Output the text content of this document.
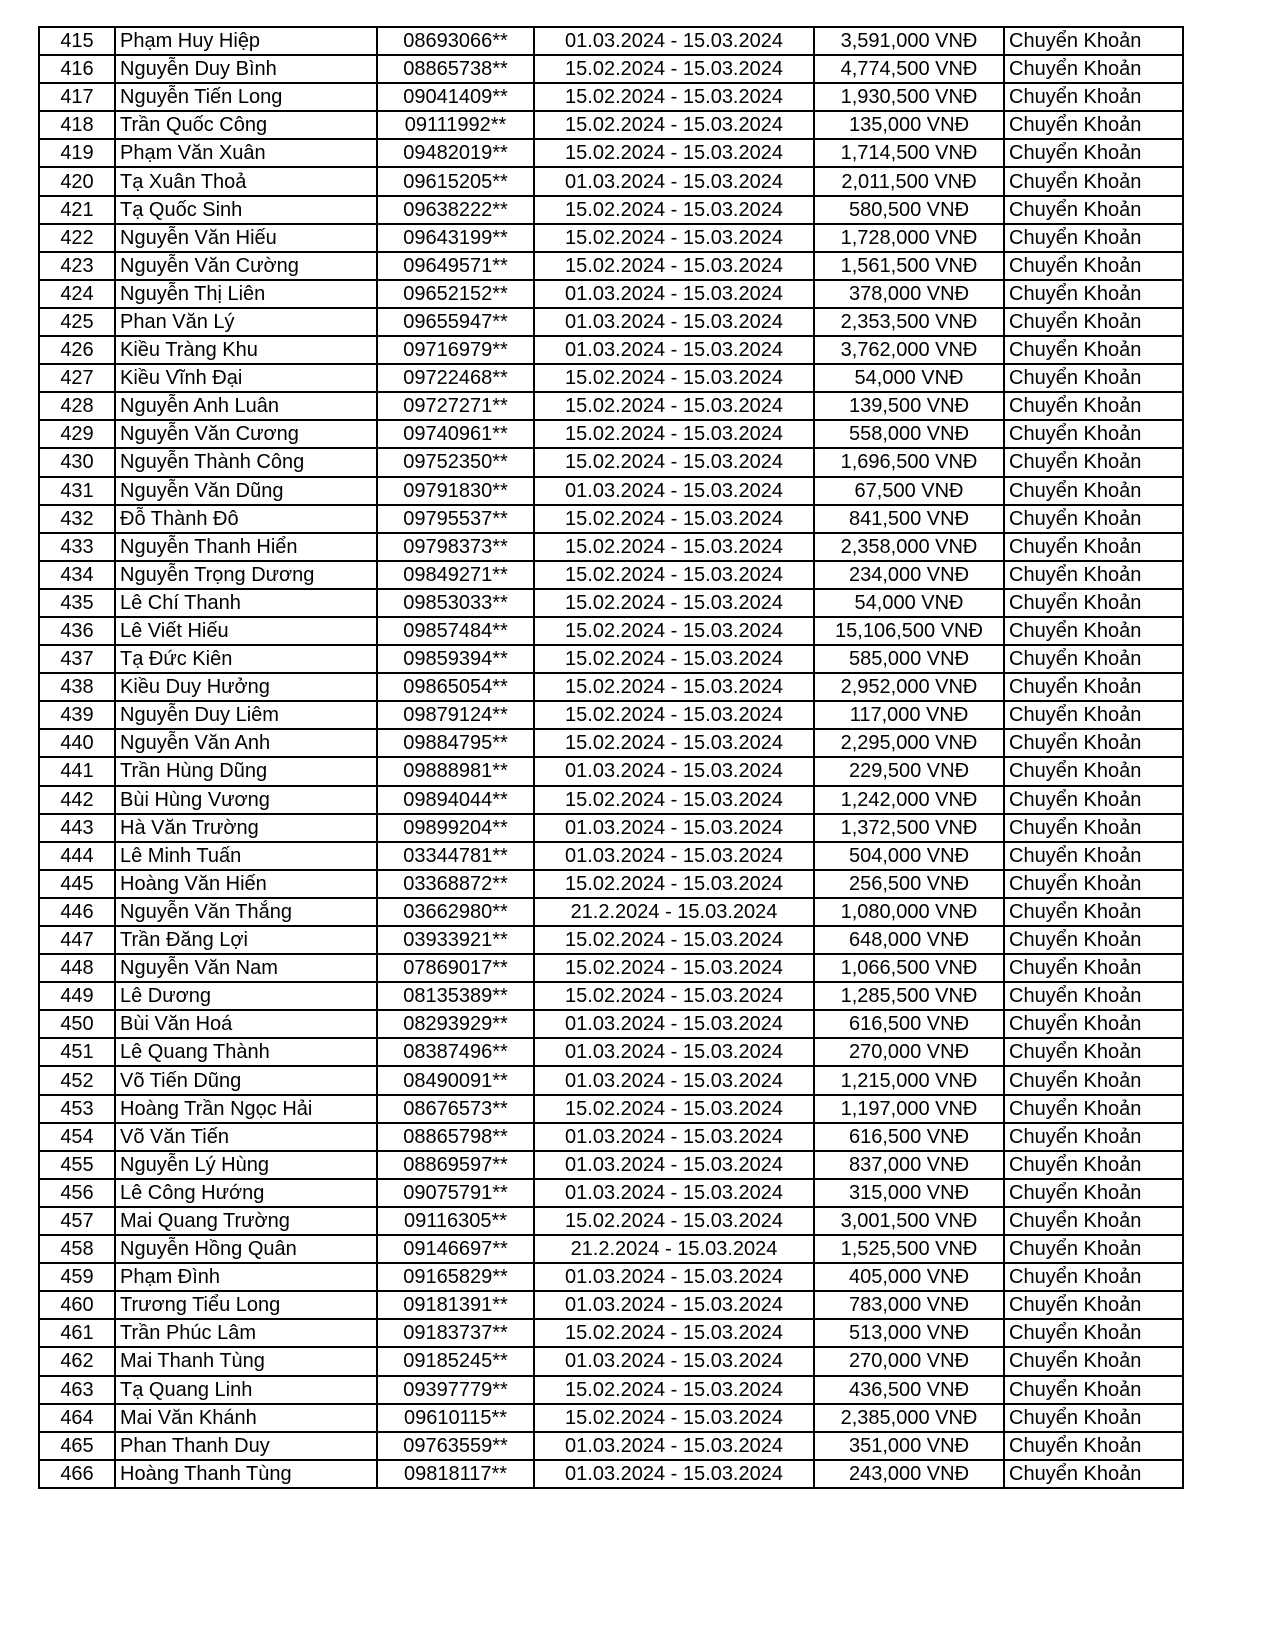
415	Phạm Huy Hiệp	08693066**	01.03.2024 - 15.03.2024	3,591,000 VNĐ	Chuyển Khoản
416	Nguyễn Duy Bình	08865738**	15.02.2024 - 15.03.2024	4,774,500 VNĐ	Chuyển Khoản
417	Nguyễn Tiến Long	09041409**	15.02.2024 - 15.03.2024	1,930,500 VNĐ	Chuyển Khoản
418	Trần Quốc Công	09111992**	15.02.2024 - 15.03.2024	135,000 VNĐ	Chuyển Khoản
419	Phạm Văn Xuân	09482019**	15.02.2024 - 15.03.2024	1,714,500 VNĐ	Chuyển Khoản
420	Tạ Xuân Thoả	09615205**	01.03.2024 - 15.03.2024	2,011,500 VNĐ	Chuyển Khoản
421	Tạ Quốc Sinh	09638222**	15.02.2024 - 15.03.2024	580,500 VNĐ	Chuyển Khoản
422	Nguyễn Văn Hiếu	09643199**	15.02.2024 - 15.03.2024	1,728,000 VNĐ	Chuyển Khoản
423	Nguyễn Văn Cường	09649571**	15.02.2024 - 15.03.2024	1,561,500 VNĐ	Chuyển Khoản
424	Nguyễn Thị Liên	09652152**	01.03.2024 - 15.03.2024	378,000 VNĐ	Chuyển Khoản
425	Phan Văn Lý	09655947**	01.03.2024 - 15.03.2024	2,353,500 VNĐ	Chuyển Khoản
426	Kiều Tràng Khu	09716979**	01.03.2024 - 15.03.2024	3,762,000 VNĐ	Chuyển Khoản
427	Kiều Vĩnh Đại	09722468**	15.02.2024 - 15.03.2024	54,000 VNĐ	Chuyển Khoản
428	Nguyễn Anh Luân	09727271**	15.02.2024 - 15.03.2024	139,500 VNĐ	Chuyển Khoản
429	Nguyễn Văn Cương	09740961**	15.02.2024 - 15.03.2024	558,000 VNĐ	Chuyển Khoản
430	Nguyễn Thành Công	09752350**	15.02.2024 - 15.03.2024	1,696,500 VNĐ	Chuyển Khoản
431	Nguyễn Văn Dũng	09791830**	01.03.2024 - 15.03.2024	67,500 VNĐ	Chuyển Khoản
432	Đỗ Thành Đô	09795537**	15.02.2024 - 15.03.2024	841,500 VNĐ	Chuyển Khoản
433	Nguyễn Thanh Hiển	09798373**	15.02.2024 - 15.03.2024	2,358,000 VNĐ	Chuyển Khoản
434	Nguyễn Trọng Dương	09849271**	15.02.2024 - 15.03.2024	234,000 VNĐ	Chuyển Khoản
435	Lê Chí Thanh	09853033**	15.02.2024 - 15.03.2024	54,000 VNĐ	Chuyển Khoản
436	Lê Viết Hiếu	09857484**	15.02.2024 - 15.03.2024	15,106,500 VNĐ	Chuyển Khoản
437	Tạ Đức Kiên	09859394**	15.02.2024 - 15.03.2024	585,000 VNĐ	Chuyển Khoản
438	Kiều Duy Hưởng	09865054**	15.02.2024 - 15.03.2024	2,952,000 VNĐ	Chuyển Khoản
439	Nguyễn Duy Liêm	09879124**	15.02.2024 - 15.03.2024	117,000 VNĐ	Chuyển Khoản
440	Nguyễn Văn Anh	09884795**	15.02.2024 - 15.03.2024	2,295,000 VNĐ	Chuyển Khoản
441	Trần Hùng Dũng	09888981**	01.03.2024 - 15.03.2024	229,500 VNĐ	Chuyển Khoản
442	Bùi Hùng Vương	09894044**	15.02.2024 - 15.03.2024	1,242,000 VNĐ	Chuyển Khoản
443	Hà Văn Trường	09899204**	01.03.2024 - 15.03.2024	1,372,500 VNĐ	Chuyển Khoản
444	Lê Minh Tuấn	03344781**	01.03.2024 - 15.03.2024	504,000 VNĐ	Chuyển Khoản
445	Hoàng Văn Hiến	03368872**	15.02.2024 - 15.03.2024	256,500 VNĐ	Chuyển Khoản
446	Nguyễn Văn Thắng	03662980**	21.2.2024 - 15.03.2024	1,080,000 VNĐ	Chuyển Khoản
447	Trần Đăng Lợi	03933921**	15.02.2024 - 15.03.2024	648,000 VNĐ	Chuyển Khoản
448	Nguyễn Văn Nam	07869017**	15.02.2024 - 15.03.2024	1,066,500 VNĐ	Chuyển Khoản
449	Lê Dương	08135389**	15.02.2024 - 15.03.2024	1,285,500 VNĐ	Chuyển Khoản
450	Bùi Văn Hoá	08293929**	01.03.2024 - 15.03.2024	616,500 VNĐ	Chuyển Khoản
451	Lê Quang Thành	08387496**	01.03.2024 - 15.03.2024	270,000 VNĐ	Chuyển Khoản
452	Võ Tiến Dũng	08490091**	01.03.2024 - 15.03.2024	1,215,000 VNĐ	Chuyển Khoản
453	Hoàng Trần Ngọc Hải	08676573**	15.02.2024 - 15.03.2024	1,197,000 VNĐ	Chuyển Khoản
454	Võ Văn Tiến	08865798**	01.03.2024 - 15.03.2024	616,500 VNĐ	Chuyển Khoản
455	Nguyễn Lý Hùng	08869597**	01.03.2024 - 15.03.2024	837,000 VNĐ	Chuyển Khoản
456	Lê Công Hướng	09075791**	01.03.2024 - 15.03.2024	315,000 VNĐ	Chuyển Khoản
457	Mai Quang Trường	09116305**	15.02.2024 - 15.03.2024	3,001,500 VNĐ	Chuyển Khoản
458	Nguyễn Hồng Quân	09146697**	21.2.2024 - 15.03.2024	1,525,500 VNĐ	Chuyển Khoản
459	Phạm Đình	09165829**	01.03.2024 - 15.03.2024	405,000 VNĐ	Chuyển Khoản
460	Trương Tiểu Long	09181391**	01.03.2024 - 15.03.2024	783,000 VNĐ	Chuyển Khoản
461	Trần Phúc Lâm	09183737**	15.02.2024 - 15.03.2024	513,000 VNĐ	Chuyển Khoản
462	Mai Thanh Tùng	09185245**	01.03.2024 - 15.03.2024	270,000 VNĐ	Chuyển Khoản
463	Tạ Quang Linh	09397779**	15.02.2024 - 15.03.2024	436,500 VNĐ	Chuyển Khoản
464	Mai Văn Khánh	09610115**	15.02.2024 - 15.03.2024	2,385,000 VNĐ	Chuyển Khoản
465	Phan Thanh Duy	09763559**	01.03.2024 - 15.03.2024	351,000 VNĐ	Chuyển Khoản
466	Hoàng Thanh Tùng	09818117**	01.03.2024 - 15.03.2024	243,000 VNĐ	Chuyển Khoản
